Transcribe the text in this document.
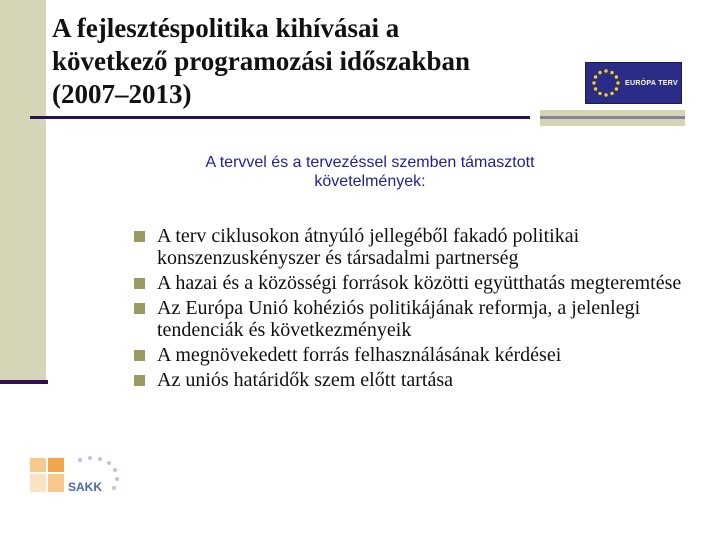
A fejlesztéspolitika kihívásai a
következő programozási időszakban
(2007–2013)	EURÓPA TERV
A tervvel és a tervezéssel szemben támasztott
követelmények:
A terv ciklusokon átnyúló jellegéből fakadó politikai konszenzuskényszer és társadalmi partnerség
A hazai és a közösségi források közötti együtthatás megteremtése
Az Európa Unió kohéziós politikájának reformja, a jelenlegi tendenciák és következményeik
A megnövekedett forrás felhasználásának kérdései
Az uniós határidők szem előtt tartása
SAKK
